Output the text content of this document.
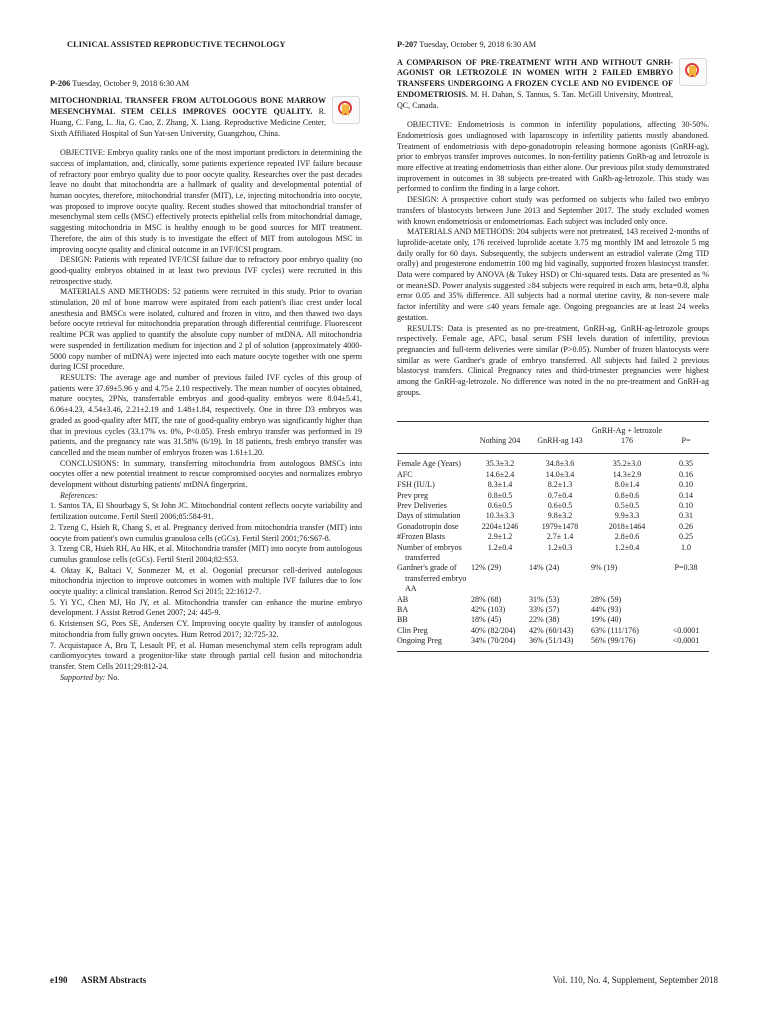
CLINICAL ASSISTED REPRODUCTIVE TECHNOLOGY
P-206 Tuesday, October 9, 2018 6:30 AM
MITOCHONDRIAL TRANSFER FROM AUTOLOGOUS BONE MARROW MESENCHYMAL STEM CELLS IMPROVES OOCYTE QUALITY. R. Huang, C. Fang, L. Jia, G. Cao, Z. Zhang, X. Liang. Reproductive Medicine Center, Sixth Affiliated Hospital of Sun Yat-sen University, Guangzhou, China.

OBJECTIVE: Embryo quality ranks one of the most important predictors in determining the success of implantation, and, clinically, some patients experience repeated IVF failure because of refractory poor embryo quality due to poor oocyte quality. Researches over the past decades leave no doubt that mitochondria are a hallmark of quality and developmental potential of human oocytes, therefore, mitochondrial transfer (MIT), i.e, injecting mitochondria into oocyte, was proposed to improve oocyte quality. Recent studies showed that mitochondrial transfer of mesenchymal stem cells (MSC) effectively protects epithelial cells from mitochondrial damage, suggesting mitochondria in MSC is healthy enough to be good sources for MIT treatment. Therefore, the aim of this study is to investigate the effect of MIT from autologous MSC in improving oocyte quality and clinical outcome in an IVF/ICSI program.

DESIGN: Patients with repeated IVF/ICSI failure due to refractory poor embryo quality (no good-quality embryos obtained in at least two previous IVF cycles) were recruited in this retrospective study.

MATERIALS AND METHODS: 52 patients were recruited in this study. Prior to ovarian stimulation, 20 ml of bone marrow were aspirated from each patient's iliac crest under local anesthesia and BMSCs were isolated, cultured and frozen in vitro, and then thawed two days before oocyte retrieval for mitochondria preparation through differential centrifuge. Fluorescent realtime PCR was applied to quantify the absolute copy number of mtDNA. All mitochondria were suspended in fertilization medium for injection and 2 pl of solution (approximately 4000-5000 copy number of mtDNA) were injected into each mature oocyte together with one sperm during ICSI procedure.

RESULTS: The average age and number of previous failed IVF cycles of this group of patients were 37.69±5.96 y and 4.75± 2.10 respectively. The mean number of oocytes obtained, mature oocytes, 2PNs, transferrable embryos and good-quality embryos were 8.04±5.41, 6.06±4.23, 4.54±3.46, 2.21±2.19 and 1.48±1.84, respectively. One in three D3 embryos was graded as good-quality after MIT, the rate of good-quality embryo was significantly higher than that in previous cycles (33.17% vs. 0%, P<0.05). Fresh embryo transfer was performed in 19 patients, and the pregnancy rate was 31.58% (6/19). In 18 patients, fresh embryo transfer was cancelled and the mean number of embryos frozen was 1.61±1.20.

CONCLUSIONS: In summary, transferring mitochondria from autologous BMSCs into oocytes offer a new potential treatment to rescue compromised oocytes and normalizes embryo development without disturbing patients' mtDNA fingerprint.

References:

1. Santos TA, El Shourbagy S, St John JC. Mitochondrial content reflects oocyte variability and fertilization outcome. Fertil Steril 2006;85:584-91.

2. Tzeng C, Hsieh R, Chang S, et al. Pregnancy derived from mitochondria transfer (MIT) into oocyte from patient's own cumulus granulosa cells (cGCs). Fertil Steril 2001;76:S67-8.

3. Tzeng CR, Hsieh RH, Au HK, et al. Mitochondria transfer (MIT) into oocyte from autologous cumulus granulose cells (cGCs). Fertil Steril 2004;82:S53.

4. Oktay K, Baltaci V, Sonmezer M, et al. Oogonial precursor cell-derived autologous mitochondria injection to improve outcomes in women with multiple IVF failures due to low oocyte quality: a clinical translation. Retrod Sci 2015; 22:1612-7.

5. Yi YC, Chen MJ, Ho JY, et al. Mitochondria transfer can enhance the murine embryo development. J Assist Retrod Genet 2007; 24: 445-9.

6. Kristensen SG, Pors SE, Andersen CY. Improving oocyte quality by transfer of autologous mitochondria from fully grown oocytes. Hum Retrod 2017; 32:725-32.

7. Acquistapace A, Bru T, Lesault PF, et al. Human mesenchymal stem cells reprogram adult cardiomyocytes toward a progenitor-like state through partial cell fusion and mitochondria transfer. Stem Cells 2011;29:812-24.

Supported by: No.

P-207 Tuesday, October 9, 2018 6:30 AM
A COMPARISON OF PRE-TREATMENT WITH AND WITHOUT GNRH-AGONIST OR LETROZOLE IN WOMEN WITH 2 FAILED EMBRYO TRANSFERS UNDERGOING A FROZEN CYCLE AND NO EVIDENCE OF ENDOMETRIOSIS. M. H. Dahan, S. Tannus, S. Tan. McGill University, Montreal, QC, Canada.

OBJECTIVE: Endometriosis is common in infertility populations, affecting 30-50%. Endometriosis goes undiagnosed with laparoscopy in infertility patients mostly abandoned. Treatment of endometriosis with depo-gonadotropin releasing hormone agonists (GnRH-ag), prior to embryos transfer improves outcomes. In non-fertility patients GnRh-ag and letrozole is more effective at treating endometriosis than either alone. Our previous pilot study demonstrated improvement in outcomes in 38 subjects pre-treated with GnRh-ag-letrozole. This study was performed to confirm the finding in a large cohort.

DESIGN: A prospective cohort study was performed on subjects who failed two embryo transfers of blastocysts between June 2013 and September 2017. The study excluded women with known endometriosis or endometriomas. Each subject was included only once.

MATERIALS AND METHODS: 204 subjects were not pretreated, 143 received 2-months of luprolide-acetate only, 176 received luprolide acetate 3.75 mg monthly IM and letrozole 5 mg daily orally for 60 days. Subsequently, the subjects underwent an estradiol valerate (2mg TID orally) and progesterone endometrin 100 mg bid vaginally, supported frozen blastocyst transfer. Data were compared by ANOVA (& Tukey HSD) or Chi-squared tests. Data are presented as % or mean±SD. Power analysis suggested ≥84 subjects were required in each arm, beta=0.8, alpha error 0.05 and 35% difference. All subjects had a normal uterine cavity, & non-severe male factor infertility and were ≤40 years female age. Ongoing pregnancies are at least 24 weeks gestation.

RESULTS: Data is presented as no pre-treatment, GnRH-ag, GnRH-ag-letrozole groups respectively. Female age, AFC, basal serum FSH levels duration of infertility, previous pregnancies and full-term deliveries were similar (P>0.05). Number of frozen blastocysts were similar as were Gardner's grade of embryo transferred. All subjects had failed 2 previous blastocyst transfers. Clinical Pregnancy rates and third-trimester pregnancies were highest among the GnRH-ag-letrozole. No difference was noted in the no pre-treatment and GnRH-ag groups.

	Nothing 204	GnRH-ag 143	GnRH-Ag + letrozole 176	P=

Female Age (Years)	35.3±3.2	34.8±3.6	35.2±3.0	0.35
AFC	14.6±2.4	14.0±3.4	14.3±2.9	0.16
FSH (IU/L)	8.3±1.4	8.2±1.3	8.0±1.4	0.10
Prev preg	0.8±0.5	0.7±0.4	0.8±0.6	0.14
Prev Deliveries	0.6±0.5	0.6±0.5	0.5±0.5	0.10
Days of stimulation	10.3±3.3	9.8±3.2	9.9±3.3	0.31
Gonadotropin dose	2204±1246	1979±1478	2018±1464	0.26
#Frozen Blasts	2.9±1.2	2.7± 1.4	2.8±0.6	0.25
Number of embryos transferred	1.2±0.4	1.2±0.3	1.2±0.4	1.0
Gardner's grade of transferred embryo AA	12% (29)	14% (24)	9% (19)	P=0.38
AB	28% (68)	31% (53)	28% (59)	
BA	42% (103)	33% (57)	44% (93)	
BB	18% (45)	22% (38)	19% (40)	
Clin Preg	40% (82/204)	42% (60/143)	63% (111/176)	<0.0001
Ongoing Preg	34% (70/204)	36% (51/143)	56% (99/176)	<0.0001
e190 ASRM Abstracts	Vol. 110, No. 4, Supplement, September 2018
